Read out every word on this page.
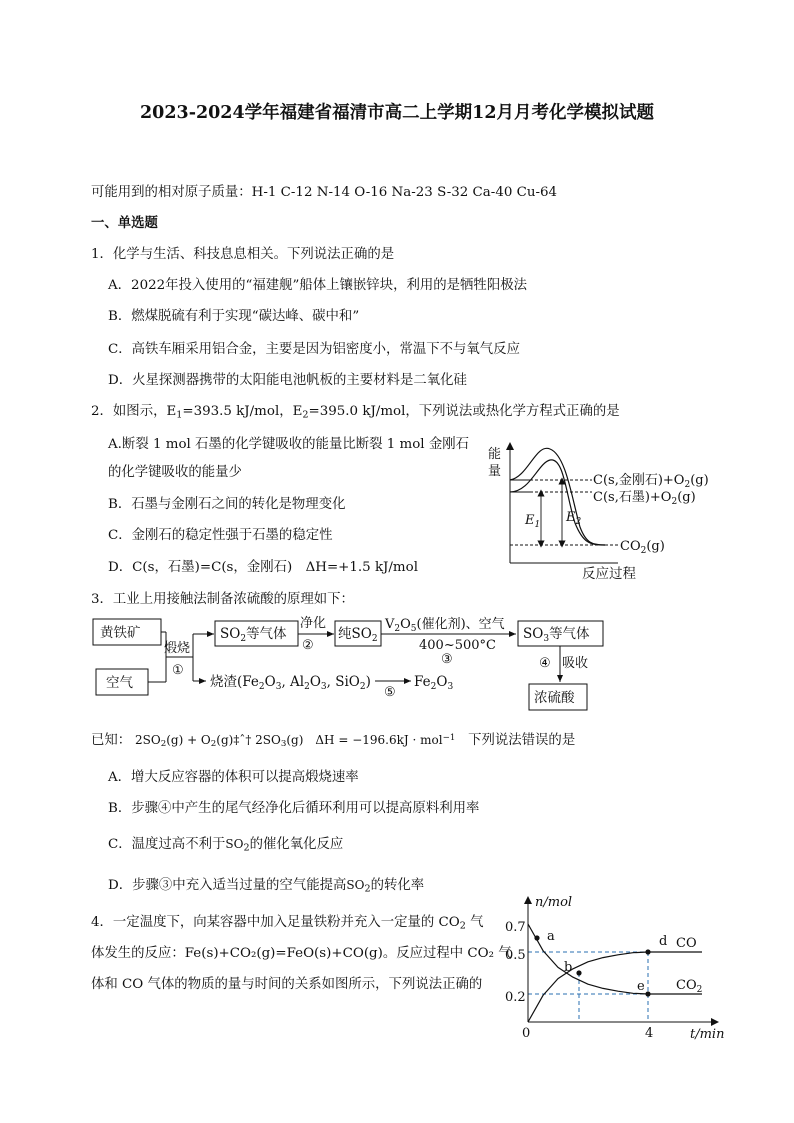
2023-2024学年福建省福清市高二上学期12月月考化学模拟试题
可能用到的相对原子质量：H-1 C-12 N-14 O-16 Na-23 S-32 Ca-40 Cu-64
一、单选题
1．化学与生活、科技息息相关。下列说法正确的是
A．2022年投入使用的“福建舰”船体上镶嵌锌块，利用的是牺牲阳极法
B．燃煤脱硫有利于实现“碳达峰、碳中和”
C．高铁车厢采用铝合金，主要是因为铝密度小，常温下不与氧气反应
D．火星探测器携带的太阳能电池帆板的主要材料是二氧化硅
2．如图示，$E_1=393.5$ kJ/mol，$E_2=395.0$ kJ/mol，下列说法或热化学方程式正确的是
A.断裂 1 mol 石墨的化学键吸收的能量比断裂 1 mol 金刚石
的化学键吸收的能量少
B．石墨与金刚石之间的转化是物理变化
C．金刚石的稳定性强于石墨的稳定性
D．C(s，石墨)=C(s，金刚石)　ΔH=+1.5 kJ/mol
能
量
$E_1$ $E_2$
C(s,金刚石)$+O_2(g)$
C(s,石墨)$+O_2(g)$
$CO_2(g)$
反应过程
3．工业上用接触法制备浓硫酸的原理如下：
黄铁矿
空气
煅烧
①
$SO_2$等气体
净化
②
纯$SO_2$
$V_2O_5$(催化剂)、空气
400~500°C
③
$SO_3$等气体
④ 吸收
浓硫酸
烧渣($Fe_2O_3$, $Al_2O_3$, SiO$_2$)
⑤
$Fe_2O_3$
已知： $2SO_2(g)$ + $O_2(g)\ddagger ˆ\dagger$ $2SO_3(g)$　ΔH = −196.6kJ · mol$^{-1}$ 下列说法错误的是
A．增大反应容器的体积可以提高煅烧速率
B．步骤④中产生的尾气经净化后循环利用可以提高原料利用率
C．温度过高不利于$SO_2$的催化氧化反应
D．步骤③中充入适当过量的空气能提高$SO_2$的转化率
4．一定温度下，向某容器中加入足量铁粉并充入一定量的 $CO_2$ 气
体发生的反应：Fe(s)+CO₂(g)=FeO(s)+CO(g)。反应过程中 CO₂ 气
体和 CO 气体的物质的量与时间的关系如图所示，下列说法正确的
n/mol
t/min
0	4
0.7
0.5
0.2
a
b
d
e
CO
$CO_2$
